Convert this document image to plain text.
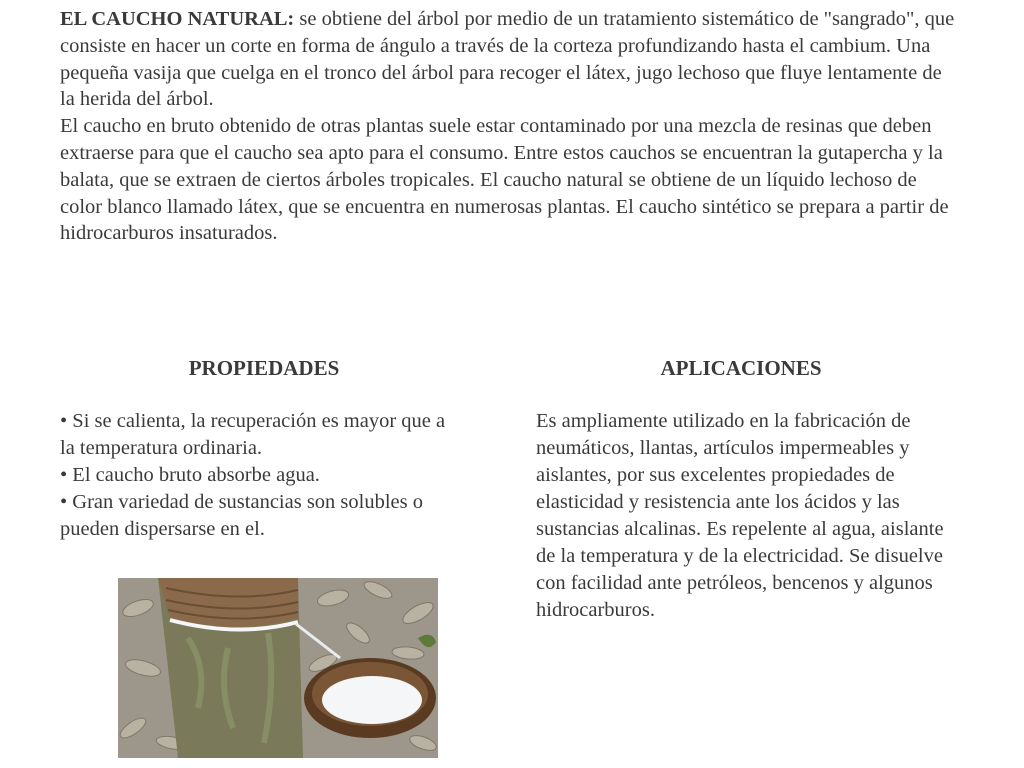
EL CAUCHO NATURAL: se obtiene del árbol por medio de un tratamiento sistemático de "sangrado", que consiste en hacer un corte en forma de ángulo a través de la corteza profundizando hasta el cambium. Una pequeña vasija que cuelga en el tronco del árbol para recoger el látex, jugo lechoso que fluye lentamente de la herida del árbol.

El caucho en bruto obtenido de otras plantas suele estar contaminado por una mezcla de resinas que deben extraerse para que el caucho sea apto para el consumo. Entre estos cauchos se encuentran la gutapercha y la balata, que se extraen de ciertos árboles tropicales. El caucho natural se obtiene de un líquido lechoso de color blanco llamado látex, que se encuentra en numerosas plantas. El caucho sintético se prepara a partir de hidrocarburos insaturados.

PROPIEDADES	APLICACIONES
• Si se calienta, la recuperación es mayor que a la temperatura ordinaria.
• El caucho bruto absorbe agua.
• Gran variedad de sustancias son solubles o pueden dispersarse en el.

Es ampliamente utilizado en la fabricación de neumáticos, llantas, artículos impermeables y aislantes, por sus excelentes propiedades de elasticidad y resistencia ante los ácidos y las sustancias alcalinas. Es repelente al agua, aislante de la temperatura y de la electricidad. Se disuelve con facilidad ante petróleos, bencenos y algunos hidrocarburos.
